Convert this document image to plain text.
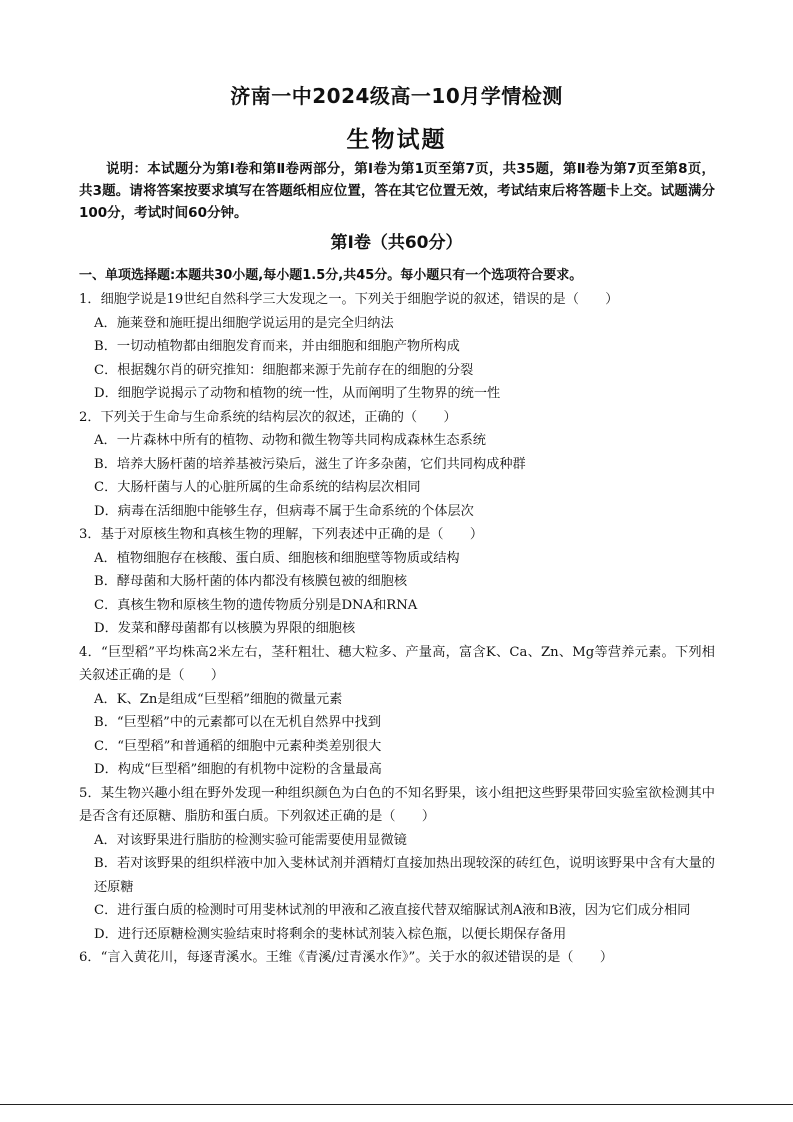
济南一中2024级高一10月学情检测
生物试题
说明：本试题分为第Ⅰ卷和第Ⅱ卷两部分，第Ⅰ卷为第1页至第7页，共35题，第Ⅱ卷为第7页至第8页，共3题。请将答案按要求填写在答题纸相应位置，答在其它位置无效，考试结束后将答题卡上交。试题满分100分，考试时间60分钟。
第Ⅰ卷（共60分）
一、单项选择题:本题共30小题,每小题1.5分,共45分。每小题只有一个选项符合要求。
1．细胞学说是19世纪自然科学三大发现之一。下列关于细胞学说的叙述，错误的是（　　）
A．施莱登和施旺提出细胞学说运用的是完全归纳法
B．一切动植物都由细胞发育而来，并由细胞和细胞产物所构成
C．根据魏尔肖的研究推知：细胞都来源于先前存在的细胞的分裂
D．细胞学说揭示了动物和植物的统一性，从而阐明了生物界的统一性
2．下列关于生命与生命系统的结构层次的叙述，正确的（　　）
A．一片森林中所有的植物、动物和微生物等共同构成森林生态系统
B．培养大肠杆菌的培养基被污染后，滋生了许多杂菌，它们共同构成种群
C．大肠杆菌与人的心脏所属的生命系统的结构层次相同
D．病毒在活细胞中能够生存，但病毒不属于生命系统的个体层次
3．基于对原核生物和真核生物的理解，下列表述中正确的是（　　）
A．植物细胞存在核酸、蛋白质、细胞核和细胞壁等物质或结构
B．酵母菌和大肠杆菌的体内都没有核膜包被的细胞核
C．真核生物和原核生物的遗传物质分别是DNA和RNA
D．发菜和酵母菌都有以核膜为界限的细胞核
4．“巨型稻”平均株高2米左右，茎秆粗壮、穗大粒多、产量高，富含K、Ca、Zn、Mg等营养元素。下列相关叙述正确的是（　　）
A．K、Zn是组成“巨型稻”细胞的微量元素
B．“巨型稻”中的元素都可以在无机自然界中找到
C．“巨型稻”和普通稻的细胞中元素种类差别很大
D．构成“巨型稻”细胞的有机物中淀粉的含量最高
5．某生物兴趣小组在野外发现一种组织颜色为白色的不知名野果，该小组把这些野果带回实验室欲检测其中是否含有还原糖、脂肪和蛋白质。下列叙述正确的是（　　）
A．对该野果进行脂肪的检测实验可能需要使用显微镜
B．若对该野果的组织样液中加入斐林试剂并酒精灯直接加热出现较深的砖红色，说明该野果中含有大量的还原糖
C．进行蛋白质的检测时可用斐林试剂的甲液和乙液直接代替双缩脲试剂A液和B液，因为它们成分相同
D．进行还原糖检测实验结束时将剩余的斐林试剂装入棕色瓶，以便长期保存备用
6．“言入黄花川，每逐青溪水。王维《青溪/过青溪水作》”。关于水的叙述错误的是（　　）
